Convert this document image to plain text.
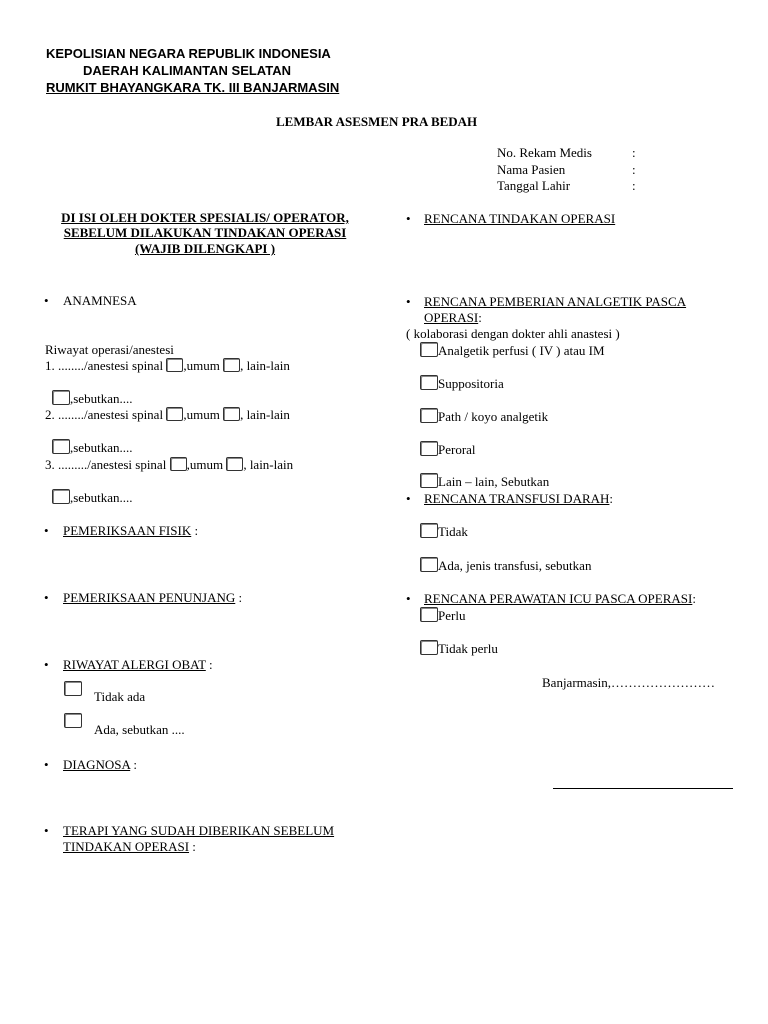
KEPOLISIAN NEGARA REPUBLIK INDONESIA
DAERAH KALIMANTAN SELATAN
RUMKIT BHAYANGKARA TK. III BANJARMASIN
LEMBAR ASESMEN PRA BEDAH
No. Rekam Medis	:
Nama Pasien	:
Tanggal Lahir	:
DI ISI OLEH DOKTER SPESIALIS/ OPERATOR,
SEBELUM DILAKUKAN TINDAKAN OPERASI
(WAJIB DILENGKAPI )
• ANAMNESA
Riwayat operasi/anestesi
1. ......../anestesi spinal ,umum , lain-lain
,sebutkan....
2. ......../anestesi spinal ,umum , lain-lain
,sebutkan....
3. ........./anestesi spinal ,umum , lain-lain
,sebutkan....
• PEMERIKSAAN FISIK :
• PEMERIKSAAN PENUNJANG :
• RIWAYAT ALERGI OBAT :
Tidak ada
Ada, sebutkan ....
• DIAGNOSA :
• TERAPI YANG SUDAH DIBERIKAN SEBELUM
TINDAKAN OPERASI :
• RENCANA TINDAKAN OPERASI
• RENCANA PEMBERIAN ANALGETIK PASCA
OPERASI:
( kolaborasi dengan dokter ahli anastesi )
Analgetik perfusi ( IV ) atau IM
Suppositoria
Path / koyo analgetik
Peroral
Lain – lain, Sebutkan
• RENCANA TRANSFUSI DARAH:
Tidak
Ada, jenis transfusi, sebutkan
• RENCANA PERAWATAN ICU PASCA OPERASI:
Perlu
Tidak perlu
Banjarmasin,……………………
